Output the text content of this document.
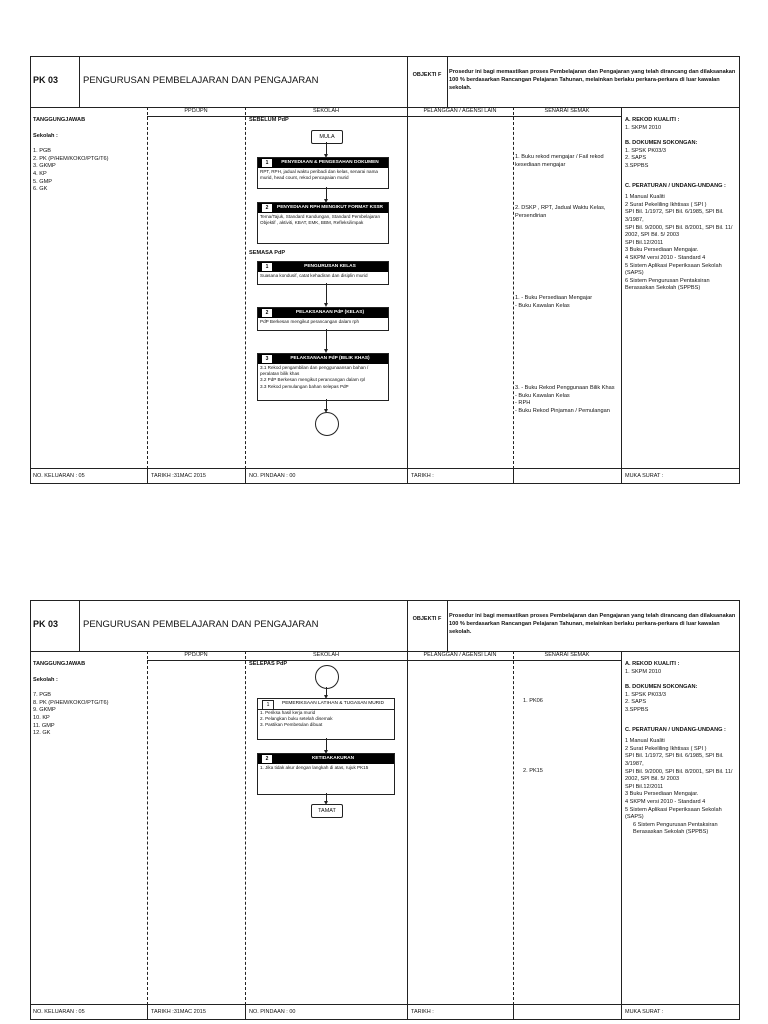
PK 03	PENGURUSAN PEMBELAJARAN DAN PENGAJARAN	OBJEKTI F	Prosedur ini bagi memastikan proses Pembelajaran dan Pengajaran yang telah dirancang dan dilaksanakan 100 % berdasarkan Rancangan Pelajaran Tahunan, melainkan berlaku perkara-perkara di luar kawalan sekolah.
PPD/JPN	SEKOLAH	PELANGGAN / AGENSI LAIN	SENARAI SEMAK
TANGGUNGJAWAB
Sekolah :
1. PGB
2. PK (P/HEM/KOKO/PTG/T6)
3. GKMP
4. KP
5. GMP
6. GK
SEBELUM PdP
MULA
1	PENYEDIAAN & PENGESAHAN DOKUMEN
RPT, RPH, jadual waktu peribadi dan kelas, senarai nama murid, head count, rekod pencapaian murid
2	PENYEDIAAN RPH MENGIKUT FORMAT KSSR
Tema/Tajuk, Standard Kandungan, Standard Pembelajaran Objektif , aktiviti, KBAT, EMK, BBM, Refleksi/impak
SEMASA PdP
1	PENGURUSAN KELAS
Suasana kondusif, catat kehadiran dan disiplin murid
2	PELAKSANAAN PdP (KELAS)
PdP Berkesan mengikut perancangan dalam rph
3	PELAKSANAAN PdP (BILIK KHAS)
3.1 Rekod pengambilan dan penggunaansan bahan / peralatan bilik khas
3.2 PdP Berkesan mengikut perancangan dalam rpl
3.3 Rekod pemulangan bahan selepas PdP
1. Buku rekod mengajar / Fail rekod kesediaan mengajar
2. DSKP , RPT, Jadual Waktu Kelas, Persendirian
1. - Buku Persediaan Mengajar
- Buku Kawalan Kelas
3. - Buku Rekod Penggunaan Bilik Khas
- Buku Kawalan Kelas
- RPH
- Buku Rekod Pinjaman / Pemulangan
A. REKOD KUALITI :
1. SKPM 2010
B. DOKUMEN SOKONGAN:
1. SPSK PK03/3
2. SAPS
3.SPPBS
C. PERATURAN / UNDANG-UNDANG :
1 Manual Kualiti
2 Surat Pekeliling Ikhtisas ( SPI )
SPI Bil. 1/1972, SPI Bil. 6/1985, SPI Bil. 3/1987,
SPI Bil. 9/2000, SPI Bil. 8/2001, SPI Bil. 11/ 2002, SPI Bil. 5/ 2003
SPI Bil.12/2011
3 Buku Persediaan Mengajar.
4 SKPM versi 2010 - Standard 4
5 Sistem Aplikasi Peperiksaan Sekolah (SAPS)
6 Sistem Pengurusan Pentaksiran Berasaskan Sekolah (SPPBS)
NO. KELUARAN : 05	TARIKH :31MAC 2015	NO. PINDAAN : 00	TARIKH :	MUKA SURAT :
PK 03	PENGURUSAN PEMBELAJARAN DAN PENGAJARAN	OBJEKTI F	Prosedur ini bagi memastikan proses Pembelajaran dan Pengajaran yang telah dirancang dan dilaksanakan 100 % berdasarkan Rancangan Pelajaran Tahunan, melainkan berlaku perkara-perkara di luar kawalan sekolah.
PPD/JPN	SEKOLAH	PELANGGAN / AGENSI LAIN	SENARAI SEMAK
TANGGUNGJAWAB
Sekolah :
7. PGB
8. PK (P/HEM/KOKO/PTG/T6)
9. GKMP
10. KP
11. GMP
12. GK
SELEPAS PdP
1	PEMERIKSAAN LATIHAN & TUGASAN MURID
1. Periksa hasil kerja murid
2. Pelangkan buku setelah disemak
3. Pastikan Pembetulan dibuat
2	KETIDAKAKURAN
1. Jika tidak akur dengan langkah di atas, rujuk PK15
TAMAT
1. PK06
2. PK15
A. REKOD KUALITI :
1. SKPM 2010
B. DOKUMEN SOKONGAN:
1. SPSK PK03/3
2. SAPS
3.SPPBS
C. PERATURAN / UNDANG-UNDANG :
1 Manual Kualiti
2 Surat Pekeliling Ikhtisas ( SPI )
SPI Bil. 1/1972, SPI Bil. 6/1985, SPI Bil. 3/1987,
SPI Bil. 9/2000, SPI Bil. 8/2001, SPI Bil. 11/ 2002, SPI Bil. 5/ 2003
SPI Bil.12/2011
3 Buku Persediaan Mengajar.
4 SKPM versi 2010 - Standard 4
5 Sistem Aplikasi Peperiksaan Sekolah (SAPS)
6 Sistem Pengurusan Pentaksiran Berasaskan Sekolah (SPPBS)
NO. KELUARAN : 05	TARIKH :31MAC 2015	NO. PINDAAN : 00	TARIKH :	MUKA SURAT :
